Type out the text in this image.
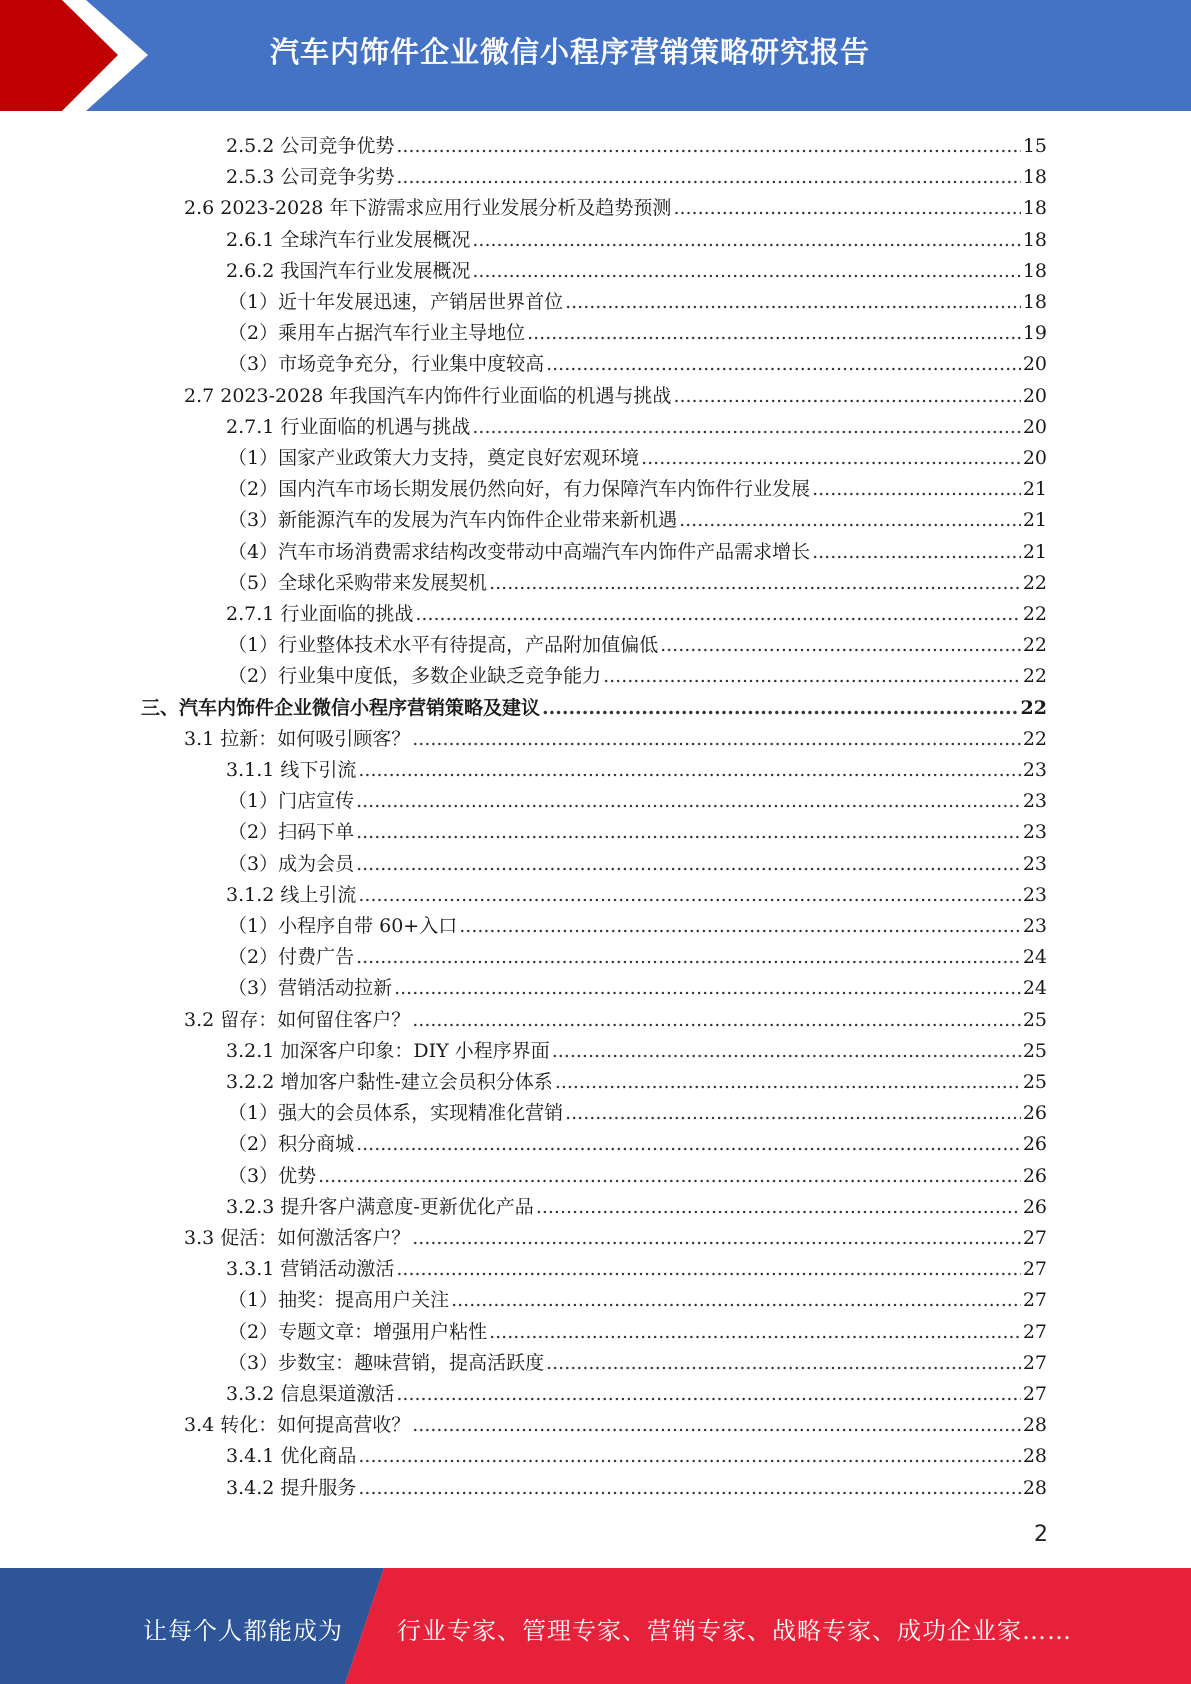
汽车内饰件企业微信小程序营销策略研究报告
2.5.2 公司竞争优势 .....	15
2.5.3 公司竞争劣势 .....	18
2.6 2023-2028 年下游需求应用行业发展分析及趋势预测 .....	18
2.6.1 全球汽车行业发展概况 .....	18
2.6.2 我国汽车行业发展概况 .....	18
（1）近十年发展迅速，产销居世界首位 .....	18
（2）乘用车占据汽车行业主导地位 .....	19
（3）市场竞争充分，行业集中度较高 .....	20
2.7 2023-2028 年我国汽车内饰件行业面临的机遇与挑战 .....	20
2.7.1 行业面临的机遇与挑战 .....	20
（1）国家产业政策大力支持，奠定良好宏观环境 .....	20
（2）国内汽车市场长期发展仍然向好，有力保障汽车内饰件行业发展 .....	21
（3）新能源汽车的发展为汽车内饰件企业带来新机遇 .....	21
（4）汽车市场消费需求结构改变带动中高端汽车内饰件产品需求增长 .....	21
（5）全球化采购带来发展契机 .....	22
2.7.1 行业面临的挑战 .....	22
（1）行业整体技术水平有待提高，产品附加值偏低 .....	22
（2）行业集中度低，多数企业缺乏竞争能力 .....	22
三、汽车内饰件企业微信小程序营销策略及建议 .....	22
3.1 拉新：如何吸引顾客？ .....	22
3.1.1 线下引流 .....	23
（1）门店宣传 .....	23
（2）扫码下单 .....	23
（3）成为会员 .....	23
3.1.2 线上引流 .....	23
（1）小程序自带 60+入口 .....	23
（2）付费广告 .....	24
（3）营销活动拉新 .....	24
3.2 留存：如何留住客户？ .....	25
3.2.1 加深客户印象：DIY 小程序界面 .....	25
3.2.2 增加客户黏性-建立会员积分体系 .....	25
（1）强大的会员体系，实现精准化营销 .....	26
（2）积分商城 .....	26
（3）优势 .....	26
3.2.3 提升客户满意度-更新优化产品 .....	26
3.3 促活：如何激活客户？ .....	27
3.3.1 营销活动激活 .....	27
（1）抽奖：提高用户关注 .....	27
（2）专题文章：增强用户粘性 .....	27
（3）步数宝：趣味营销，提高活跃度 .....	27
3.3.2 信息渠道激活 .....	27
3.4 转化：如何提高营收？ .....	28
3.4.1 优化商品 .....	28
3.4.2 提升服务 .....	28
2
让每个人都能成为 行业专家、管理专家、营销专家、战略专家、成功企业家……
